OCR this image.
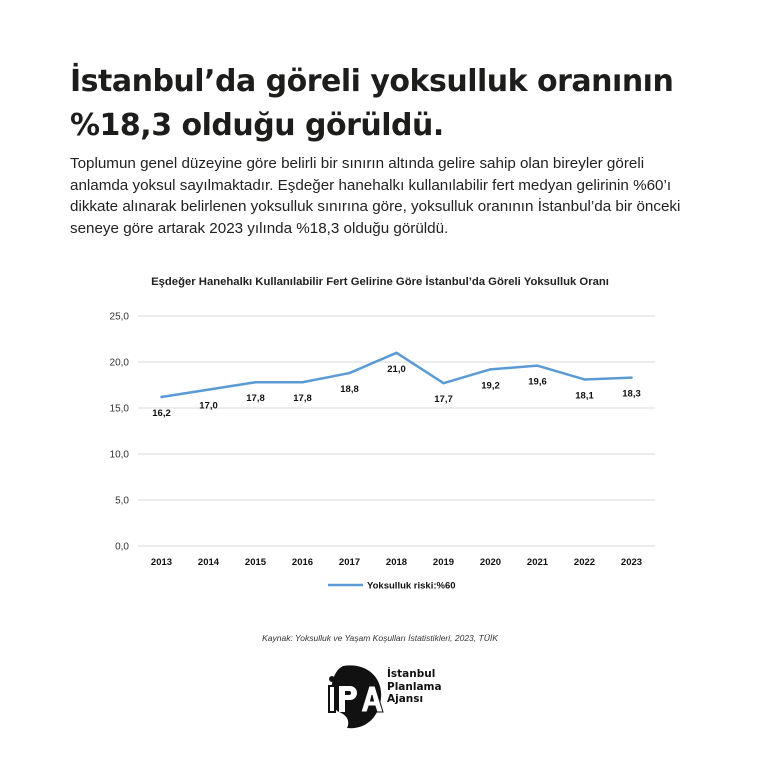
İstanbul’da göreli yoksulluk oranının %18,3 olduğu görüldü.

Toplumun genel düzeyine göre belirli bir sınırın altında gelire sahip olan bireyler göreli anlamda yoksul sayılmaktadır. Eşdeğer hanehalkı kullanılabilir fert medyan gelirinin %60’ı dikkate alınarak belirlenen yoksulluk sınırına göre, yoksulluk oranının İstanbul’da bir önceki seneye göre artarak 2023 yılında %18,3 olduğu görüldü.

Eşdeğer Hanehalkı Kullanılabilir Fert Gelirine Göre İstanbul’da Göreli Yoksulluk Oranı
0,0
5,0
10,0
15,0
20,0
25,0
2013	2014	2015	2016	2017	2018	2019	2020	2021	2022	2023
16,2
17,0
17,8	17,8
18,8
21,0
17,7
19,2	19,6
18,1	18,3
Yoksulluk riski:%60
Kaynak: Yoksulluk ve Yaşam Koşulları İstatistikleri, 2023, TÜİK
İstanbul
Planlama
Ajansı
